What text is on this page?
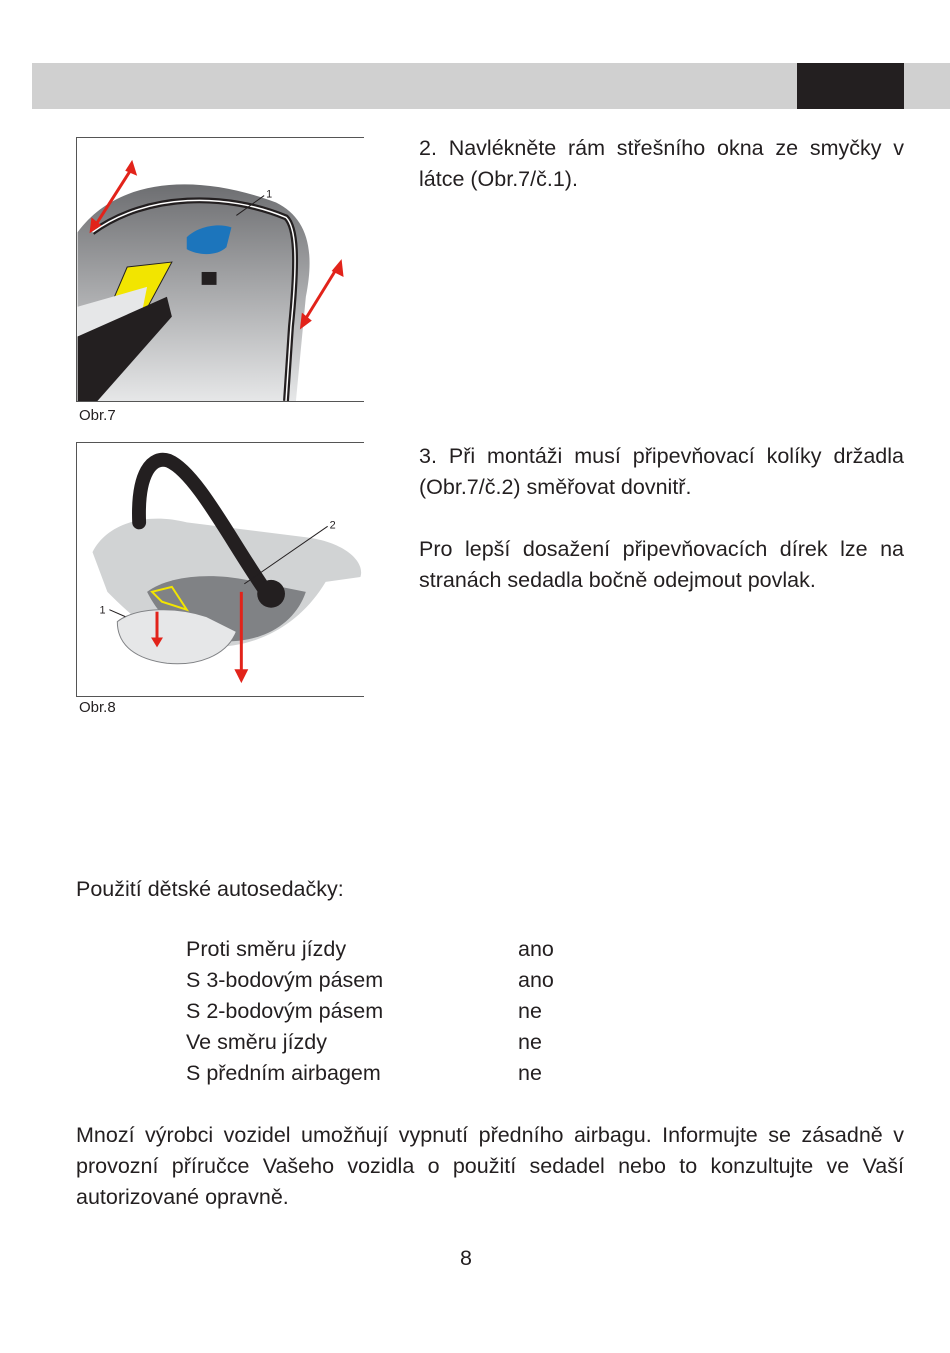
1
Obr.7
2
1
Obr.8
2. Navlékněte rám střešního okna ze smyčky v látce (Obr.7/č.1).
3. Při montáži musí připevňovací kolíky držadla (Obr.7/č.2) směřovat dovnitř.
Pro lepší dosažení připevňovacích dírek lze na stranách sedadla bočně odejmout povlak.
Použití dětské autosedačky:
Proti směru jízdy	ano
S 3-bodovým pásem	ano
S 2-bodovým pásem	ne
Ve směru jízdy	ne
S předním airbagem	ne
Mnozí výrobci vozidel umožňují vypnutí předního airbagu. Informujte se zásadně v provozní příručce Vašeho vozidla o použití sedadel nebo to konzultujte ve Vaší autorizované opravně.
8
